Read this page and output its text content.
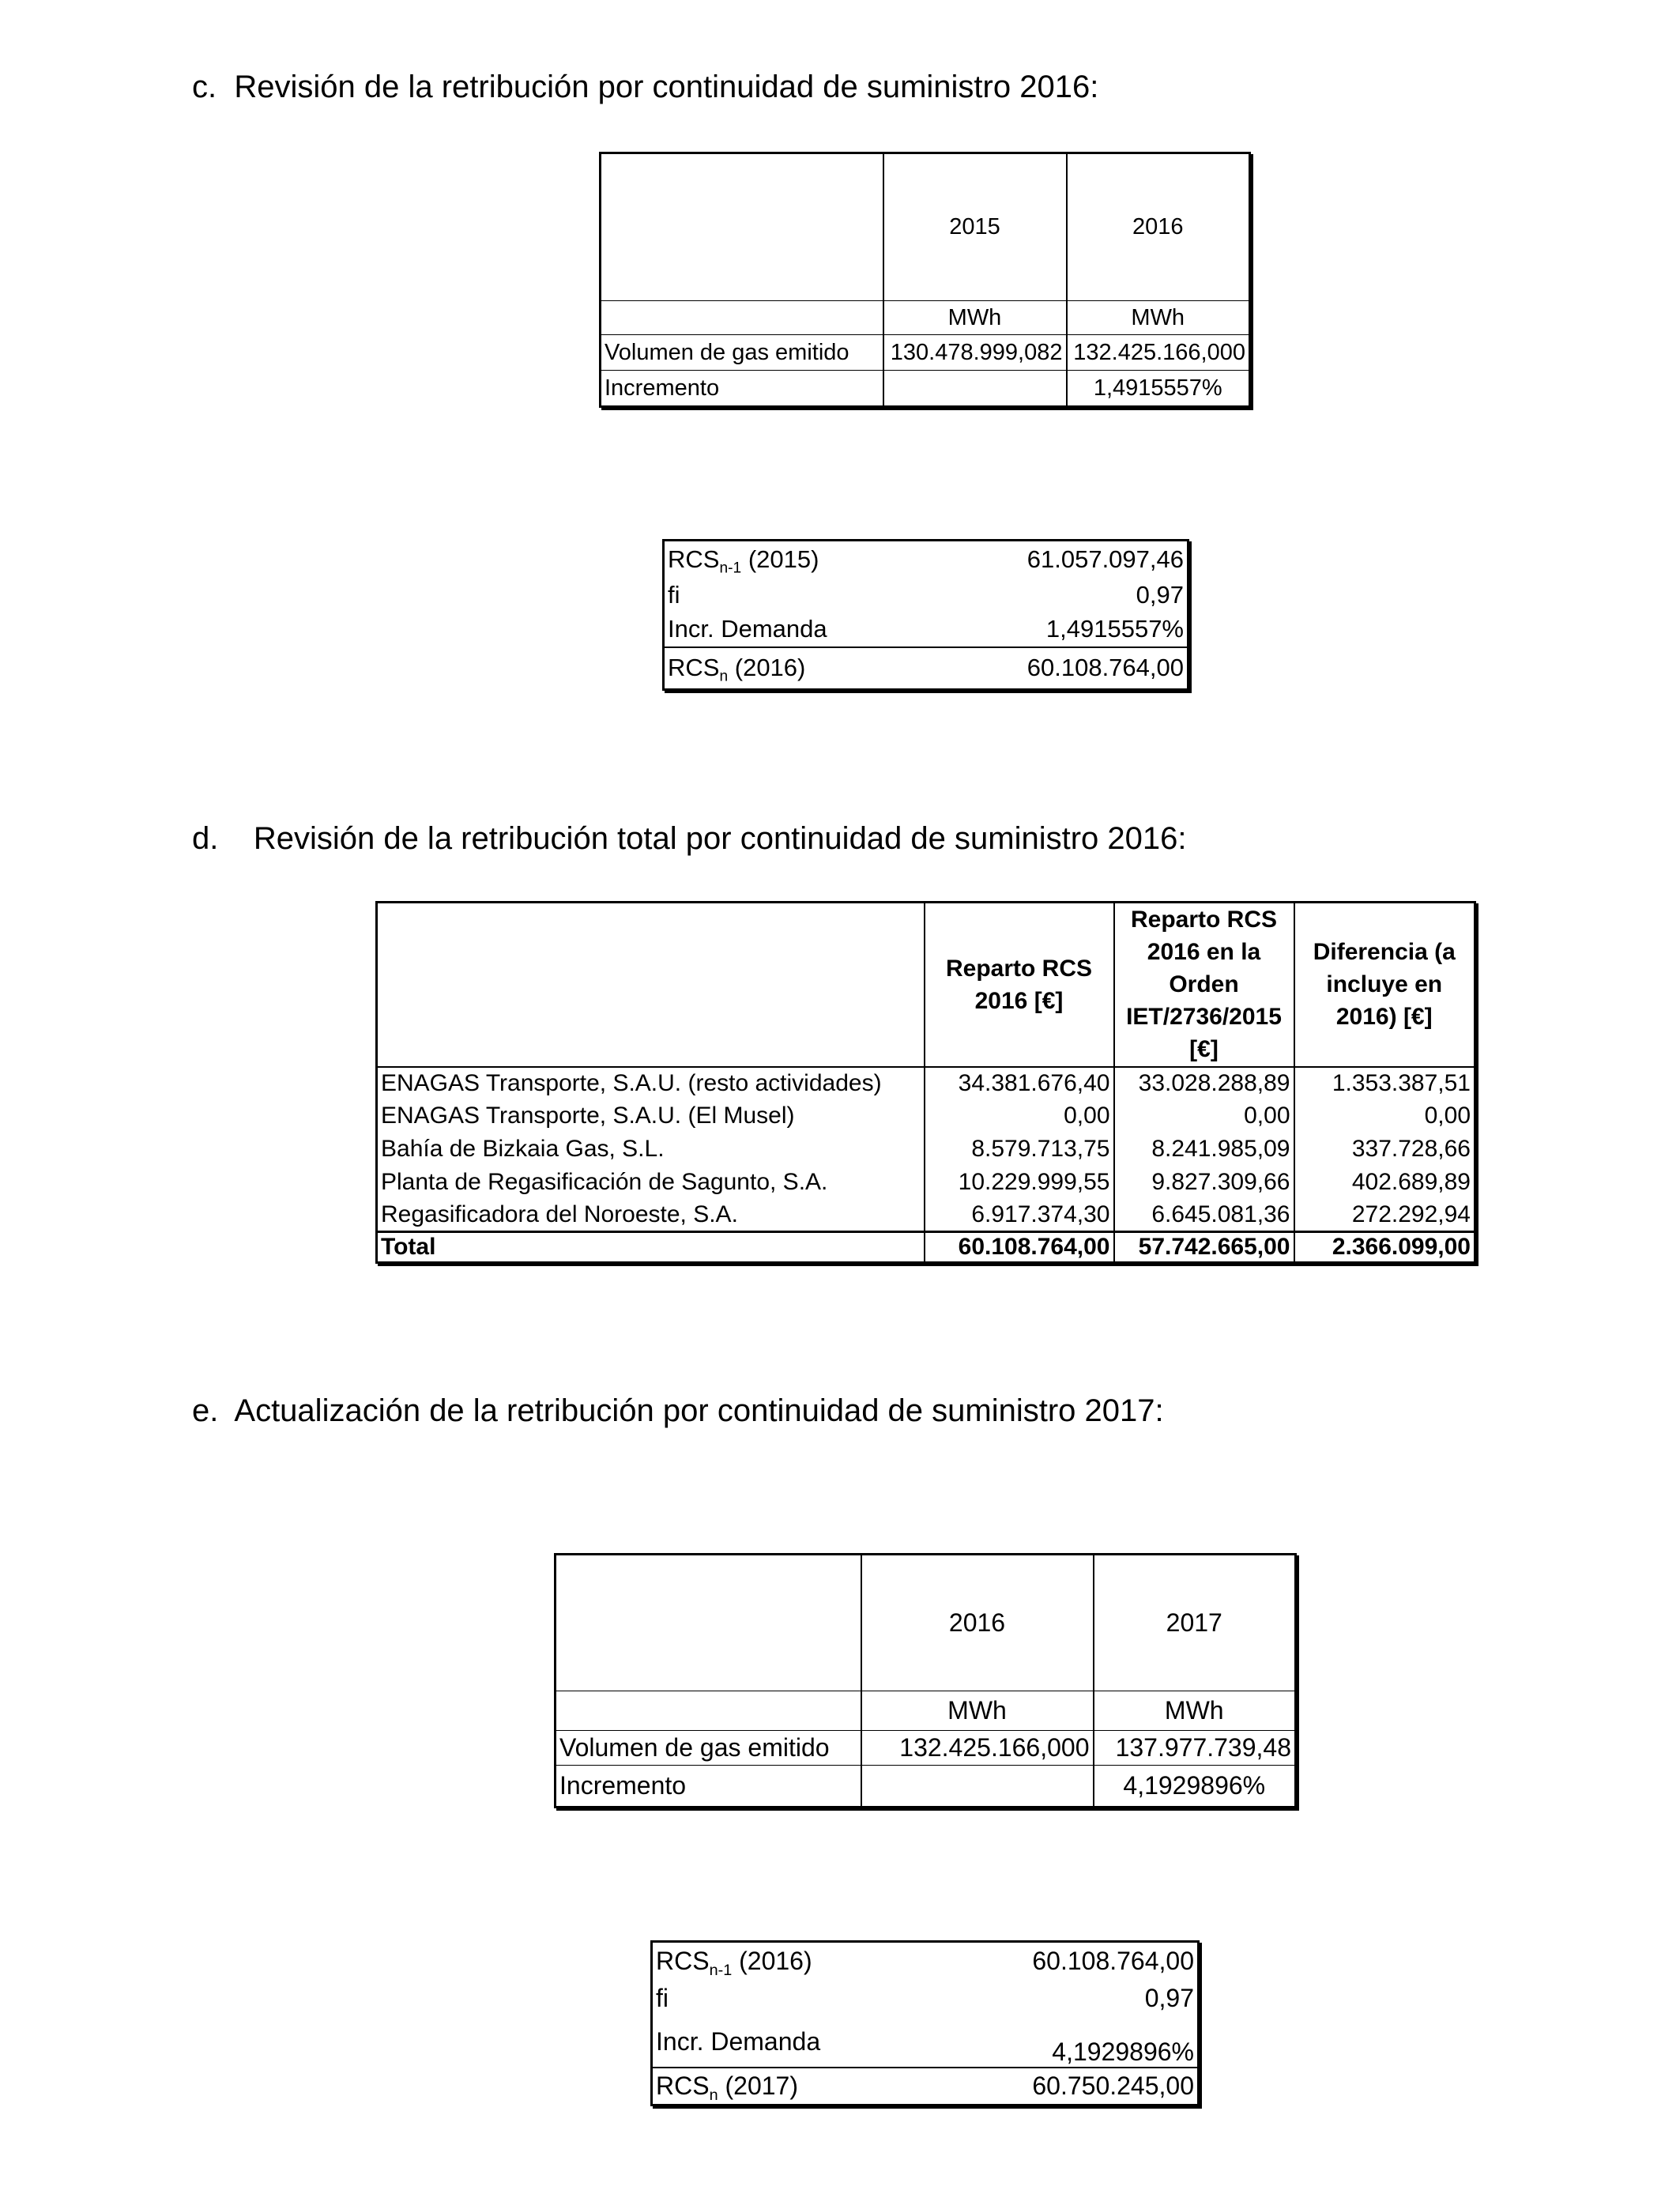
c. Revisión de la retribución por continuidad de suministro 2016:
	2015	2016
	MWh	MWh
Volumen de gas emitido	130.478.999,082	132.425.166,000
Incremento		1,4915557%
$RCS_{n-1}$ (2015)	61.057.097,46
fi	0,97
Incr. Demanda	1,4915557%
$RCS_n$ (2016)	60.108.764,00
d. Revisión de la retribución total por continuidad de suministro 2016:
	Reparto RCS 2016 [€]	Reparto RCS 2016 en la Orden IET/2736/2015 [€]	Diferencia (a incluye en 2016) [€]
ENAGAS Transporte, S.A.U. (resto actividades)	34.381.676,40	33.028.288,89	1.353.387,51
ENAGAS Transporte, S.A.U. (El Musel)	0,00	0,00	0,00
Bahía de Bizkaia Gas, S.L.	8.579.713,75	8.241.985,09	337.728,66
Planta de Regasificación de Sagunto, S.A.	10.229.999,55	9.827.309,66	402.689,89
Regasificadora del Noroeste, S.A.	6.917.374,30	6.645.081,36	272.292,94
Total	60.108.764,00	57.742.665,00	2.366.099,00
e. Actualización de la retribución por continuidad de suministro 2017:
	2016	2017
	MWh	MWh
Volumen de gas emitido	132.425.166,000	137.977.739,48
Incremento		4,1929896%
$RCS_{n-1}$ (2016)	60.108.764,00
fi	0,97
Incr. Demanda	4,1929896%
$RCS_n$ (2017)	60.750.245,00
